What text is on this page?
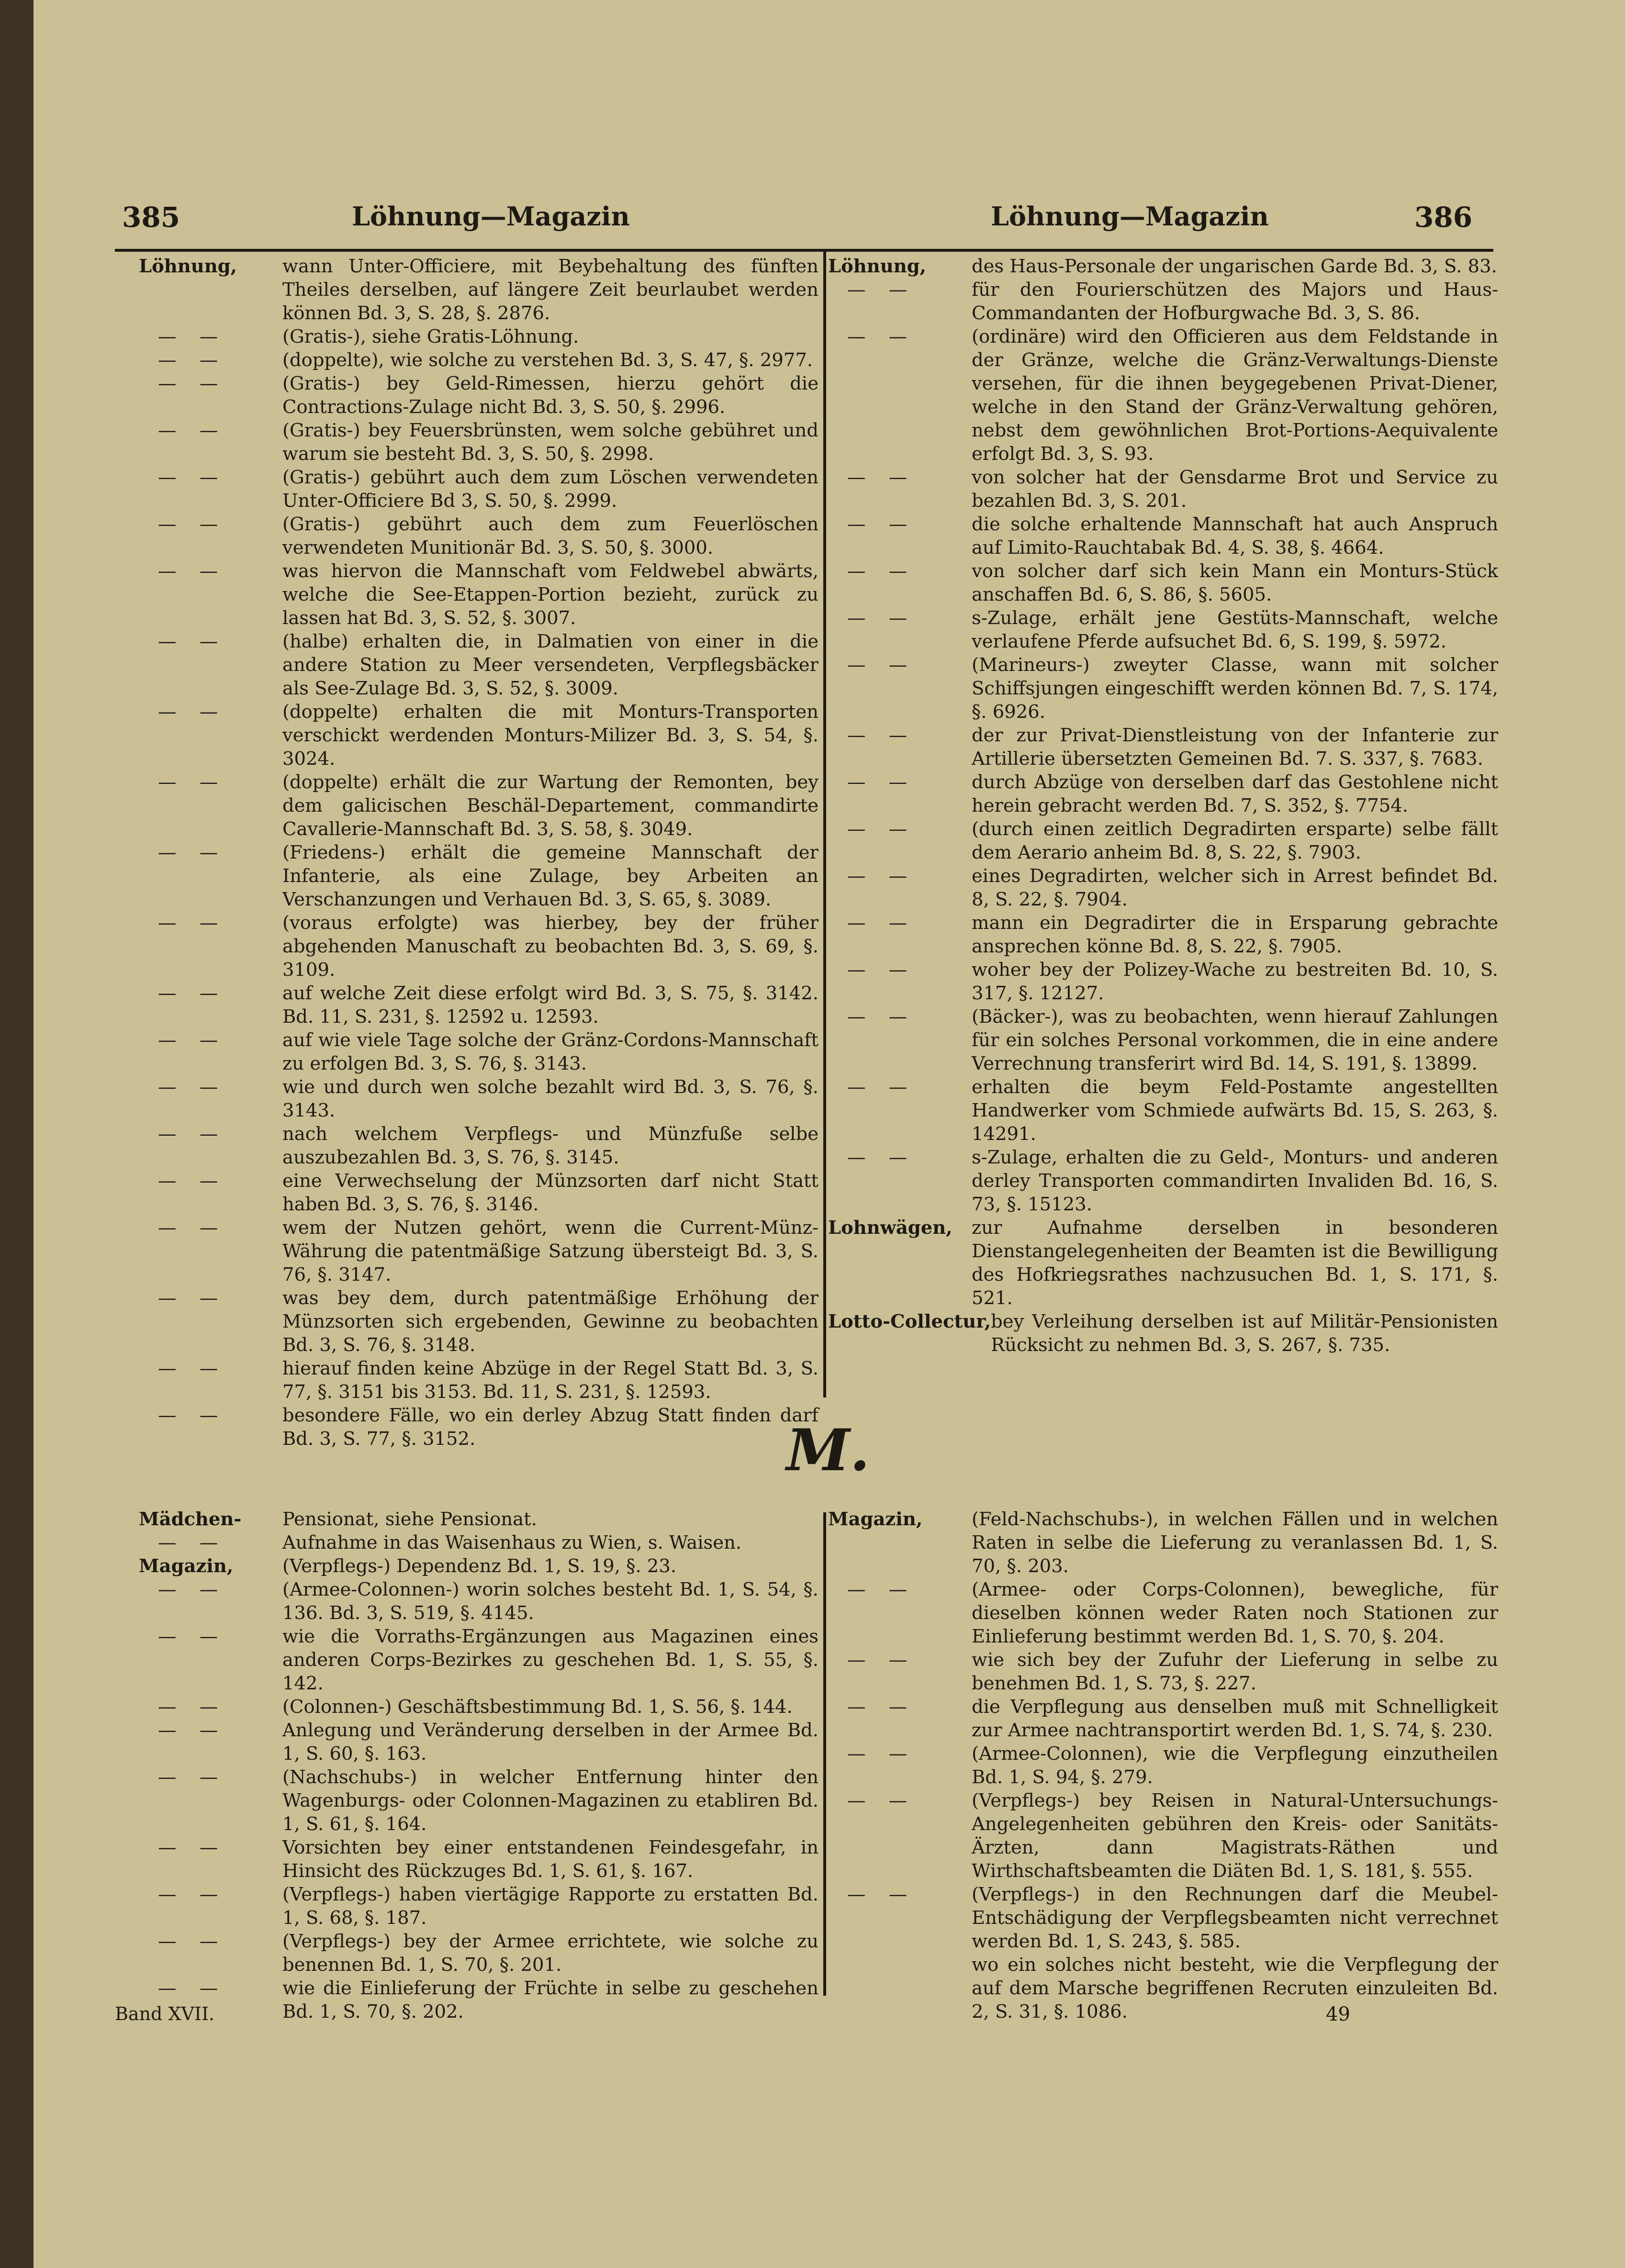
385	Löhnung—Magazin	Löhnung—Magazin	386
Löhnung,	wann Unter-Officiere, mit Beybehaltung des fünften Theiles derselben, auf längere Zeit beurlaubet werden können Bd. 3, S. 28, §. 2876.
— —	(Gratis-), siehe Gratis-Löhnung.
— —	(doppelte), wie solche zu verstehen Bd. 3, S. 47, §. 2977.
— —	(Gratis-) bey Geld-Rimessen, hierzu gehört die Contractions-Zulage nicht Bd. 3, S. 50, §. 2996.
— —	(Gratis-) bey Feuersbrünsten, wem solche gebühret und warum sie besteht Bd. 3, S. 50, §. 2998.
— —	(Gratis-) gebührt auch dem zum Löschen verwendeten Unter-Officiere Bd 3, S. 50, §. 2999.
— —	(Gratis-) gebührt auch dem zum Feuerlöschen verwendeten Munitionär Bd. 3, S. 50, §. 3000.
— —	was hiervon die Mannschaft vom Feldwebel abwärts, welche die See-Etappen-Portion bezieht, zurück zu lassen hat Bd. 3, S. 52, §. 3007.
— —	(halbe) erhalten die, in Dalmatien von einer in die andere Station zu Meer versendeten, Verpflegsbäcker als See-Zulage Bd. 3, S. 52, §. 3009.
— —	(doppelte) erhalten die mit Monturs-Transporten verschickt werdenden Monturs-Milizer Bd. 3, S. 54, §. 3024.
— —	(doppelte) erhält die zur Wartung der Remonten, bey dem galicischen Beschäl-Departement, commandirte Cavallerie-Mannschaft Bd. 3, S. 58, §. 3049.
— —	(Friedens-) erhält die gemeine Mannschaft der Infanterie, als eine Zulage, bey Arbeiten an Verschanzungen und Verhauen Bd. 3, S. 65, §. 3089.
— —	(voraus erfolgte) was hierbey, bey der früher abgehenden Manuschaft zu beobachten Bd. 3, S. 69, §. 3109.
— —	auf welche Zeit diese erfolgt wird Bd. 3, S. 75, §. 3142. Bd. 11, S. 231, §. 12592 u. 12593.
— —	auf wie viele Tage solche der Gränz-Cordons-Mannschaft zu erfolgen Bd. 3, S. 76, §. 3143.
— —	wie und durch wen solche bezahlt wird Bd. 3, S. 76, §. 3143.
— —	nach welchem Verpflegs- und Münzfuße selbe auszubezahlen Bd. 3, S. 76, §. 3145.
— —	eine Verwechselung der Münzsorten darf nicht Statt haben Bd. 3, S. 76, §. 3146.
— —	wem der Nutzen gehört, wenn die Current-Münz-Währung die patentmäßige Satzung übersteigt Bd. 3, S. 76, §. 3147.
— —	was bey dem, durch patentmäßige Erhöhung der Münzsorten sich ergebenden, Gewinne zu beobachten Bd. 3, S. 76, §. 3148.
— —	hierauf finden keine Abzüge in der Regel Statt Bd. 3, S. 77, §. 3151 bis 3153. Bd. 11, S. 231, §. 12593.
— —	besondere Fälle, wo ein derley Abzug Statt finden darf Bd. 3, S. 77, §. 3152.
Löhnung,	des Haus-Personale der ungarischen Garde Bd. 3, S. 83.
— —	für den Fourierschützen des Majors und Haus-Commandanten der Hofburgwache Bd. 3, S. 86.
— —	(ordinäre) wird den Officieren aus dem Feldstande in der Gränze, welche die Gränz-Verwaltungs-Dienste versehen, für die ihnen beygegebenen Privat-Diener, welche in den Stand der Gränz-Verwaltung gehören, nebst dem gewöhnlichen Brot-Portions-Aequivalente erfolgt Bd. 3, S. 93.
— —	von solcher hat der Gensdarme Brot und Service zu bezahlen Bd. 3, S. 201.
— —	die solche erhaltende Mannschaft hat auch Anspruch auf Limito-Rauchtabak Bd. 4, S. 38, §. 4664.
— —	von solcher darf sich kein Mann ein Monturs-Stück anschaffen Bd. 6, S. 86, §. 5605.
— —	s-Zulage, erhält jene Gestüts-Mannschaft, welche verlaufene Pferde aufsuchet Bd. 6, S. 199, §. 5972.
— —	(Marineurs-) zweyter Classe, wann mit solcher Schiffsjungen eingeschifft werden können Bd. 7, S. 174, §. 6926.
— —	der zur Privat-Dienstleistung von der Infanterie zur Artillerie übersetzten Gemeinen Bd. 7. S. 337, §. 7683.
— —	durch Abzüge von derselben darf das Gestohlene nicht herein gebracht werden Bd. 7, S. 352, §. 7754.
— —	(durch einen zeitlich Degradirten ersparte) selbe fällt dem Aerario anheim Bd. 8, S. 22, §. 7903.
— —	eines Degradirten, welcher sich in Arrest befindet Bd. 8, S. 22, §. 7904.
— —	mann ein Degradirter die in Ersparung gebrachte ansprechen könne Bd. 8, S. 22, §. 7905.
— —	woher bey der Polizey-Wache zu bestreiten Bd. 10, S. 317, §. 12127.
— —	(Bäcker-), was zu beobachten, wenn hierauf Zahlungen für ein solches Personal vorkommen, die in eine andere Verrechnung transferirt wird Bd. 14, S. 191, §. 13899.
— —	erhalten die beym Feld-Postamte angestellten Handwerker vom Schmiede aufwärts Bd. 15, S. 263, §. 14291.
— —	s-Zulage, erhalten die zu Geld-, Monturs- und anderen derley Transporten commandirten Invaliden Bd. 16, S. 73, §. 15123.
Lohnwägen,	zur Aufnahme derselben in besonderen Dienstangelegenheiten der Beamten ist die Bewilligung des Hofkriegsrathes nachzusuchen Bd. 1, S. 171, §. 521.
Lotto-Collectur, bey Verleihung derselben ist auf Militär-Pensionisten Rücksicht zu nehmen Bd. 3, S. 267, §. 735.
M.
Mädchen-	Pensionat, siehe Pensionat.
— —	Aufnahme in das Waisenhaus zu Wien, s. Waisen.
Magazin,	(Verpflegs-) Dependenz Bd. 1, S. 19, §. 23.
— —	(Armee-Colonnen-) worin solches besteht Bd. 1, S. 54, §. 136. Bd. 3, S. 519, §. 4145.
— —	wie die Vorraths-Ergänzungen aus Magazinen eines anderen Corps-Bezirkes zu geschehen Bd. 1, S. 55, §. 142.
— —	(Colonnen-) Geschäftsbestimmung Bd. 1, S. 56, §. 144.
— —	Anlegung und Veränderung derselben in der Armee Bd. 1, S. 60, §. 163.
— —	(Nachschubs-) in welcher Entfernung hinter den Wagenburgs- oder Colonnen-Magazinen zu etabliren Bd. 1, S. 61, §. 164.
— —	Vorsichten bey einer entstandenen Feindesgefahr, in Hinsicht des Rückzuges Bd. 1, S. 61, §. 167.
— —	(Verpflegs-) haben viertägige Rapporte zu erstatten Bd. 1, S. 68, §. 187.
— —	(Verpflegs-) bey der Armee errichtete, wie solche zu benennen Bd. 1, S. 70, §. 201.
— —	wie die Einlieferung der Früchte in selbe zu geschehen Bd. 1, S. 70, §. 202.
Magazin,	(Feld-Nachschubs-), in welchen Fällen und in welchen Raten in selbe die Lieferung zu veranlassen Bd. 1, S. 70, §. 203.
— —	(Armee- oder Corps-Colonnen), bewegliche, für dieselben können weder Raten noch Stationen zur Einlieferung bestimmt werden Bd. 1, S. 70, §. 204.
— —	wie sich bey der Zufuhr der Lieferung in selbe zu benehmen Bd. 1, S. 73, §. 227.
— —	die Verpflegung aus denselben muß mit Schnelligkeit zur Armee nachtransportirt werden Bd. 1, S. 74, §. 230.
— —	(Armee-Colonnen), wie die Verpflegung einzutheilen Bd. 1, S. 94, §. 279.
— —	(Verpflegs-) bey Reisen in Natural-Untersuchungs-Angelegenheiten gebühren den Kreis- oder Sanitäts-Ärzten, dann Magistrats-Räthen und Wirthschaftsbeamten die Diäten Bd. 1, S. 181, §. 555.
— —	(Verpflegs-) in den Rechnungen darf die Meubel-Entschädigung der Verpflegsbeamten nicht verrechnet werden Bd. 1, S. 243, §. 585.
wo ein solches nicht besteht, wie die Verpflegung der auf dem Marsche begriffenen Recruten einzuleiten Bd. 2, S. 31, §. 1086.
Band XVII.	49
